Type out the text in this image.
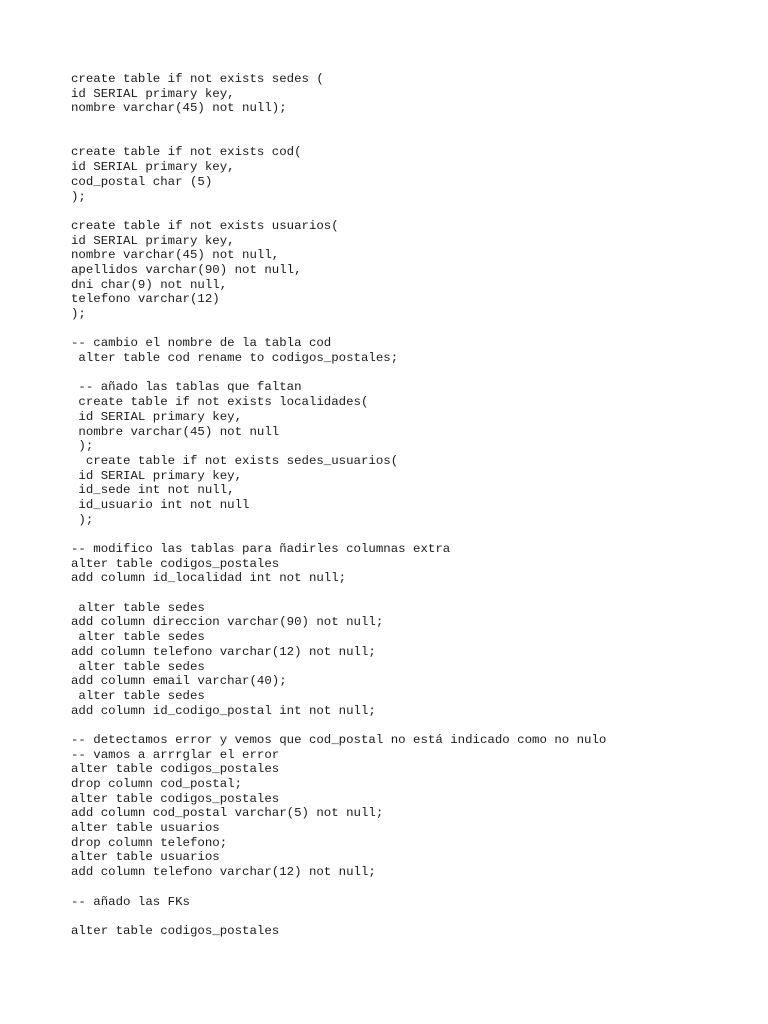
create table if not exists sedes (
id SERIAL primary key,
nombre varchar(45) not null);
create table if not exists cod(
id SERIAL primary key,
cod_postal char (5)
);
create table if not exists usuarios(
id SERIAL primary key,
nombre varchar(45) not null,
apellidos varchar(90) not null,
dni char(9) not null,
telefono varchar(12)
);
-- cambio el nombre de la tabla cod
alter table cod rename to codigos_postales;
-- añado las tablas que faltan
create table if not exists localidades(
id SERIAL primary key,
nombre varchar(45) not null
);
create table if not exists sedes_usuarios(
id SERIAL primary key,
id_sede int not null,
id_usuario int not null
);
-- modifico las tablas para ñadirles columnas extra
alter table codigos_postales
add column id_localidad int not null;
alter table sedes
add column direccion varchar(90) not null;
alter table sedes
add column telefono varchar(12) not null;
alter table sedes
add column email varchar(40);
alter table sedes
add column id_codigo_postal int not null;
-- detectamos error y vemos que cod_postal no está indicado como no nulo
-- vamos a arrrglar el error
alter table codigos_postales
drop column cod_postal;
alter table codigos_postales
add column cod_postal varchar(5) not null;
alter table usuarios
drop column telefono;
alter table usuarios
add column telefono varchar(12) not null;
-- añado las FKs
alter table codigos_postales
